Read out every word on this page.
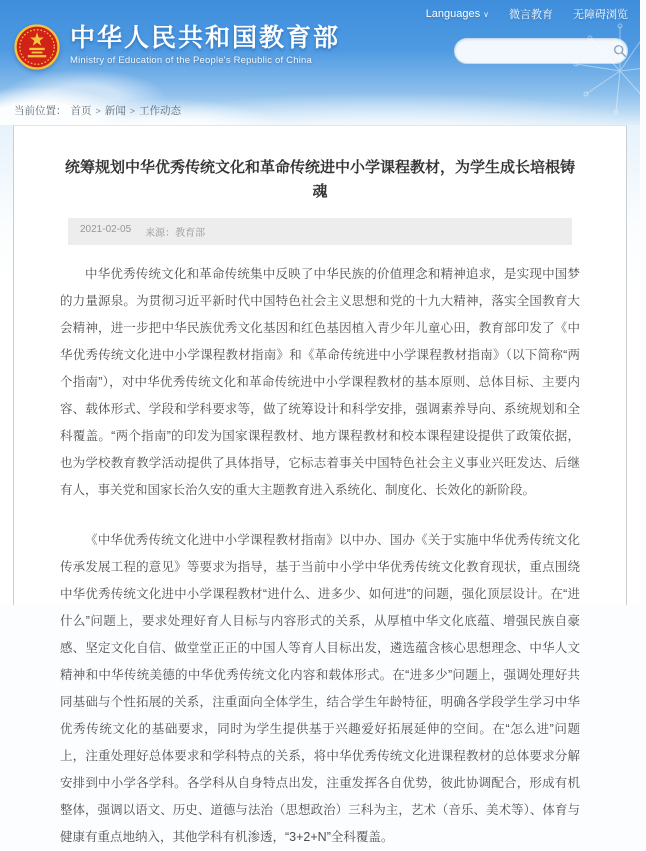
Languages ∨ 微言教育 无障碍浏览
中华人民共和国教育部
Ministry of Education of the People's Republic of China
当前位置： 首页 > 新闻 > 工作动态
统筹规划中华优秀传统文化和革命传统进中小学课程教材，为学生成长培根铸魂
2021-02-05 来源：教育部

中华优秀传统文化和革命传统集中反映了中华民族的价值理念和精神追求，是实现中国梦的力量源泉。为贯彻习近平新时代中国特色社会主义思想和党的十九大精神，落实全国教育大会精神，进一步把中华民族优秀文化基因和红色基因植入青少年儿童心田，教育部印发了《中华优秀传统文化进中小学课程教材指南》和《革命传统进中小学课程教材指南》（以下简称“两个指南”），对中华优秀传统文化和革命传统进中小学课程教材的基本原则、总体目标、主要内容、载体形式、学段和学科要求等，做了统筹设计和科学安排，强调素养导向、系统规划和全科覆盖。“两个指南”的印发为国家课程教材、地方课程教材和校本课程建设提供了政策依据，也为学校教育教学活动提供了具体指导，它标志着事关中国特色社会主义事业兴旺发达、后继有人，事关党和国家长治久安的重大主题教育进入系统化、制度化、长效化的新阶段。

《中华优秀传统文化进中小学课程教材指南》以中办、国办《关于实施中华优秀传统文化传承发展工程的意见》等要求为指导，基于当前中小学中华优秀传统文化教育现状，重点围绕中华优秀传统文化进中小学课程教材“进什么、进多少、如何进”的问题，强化顶层设计。在“进什么”问题上，要求处理好育人目标与内容形式的关系，从厚植中华文化底蕴、增强民族自豪感、坚定文化自信、做堂堂正正的中国人等育人目标出发，遴选蕴含核心思想理念、中华人文精神和中华传统美德的中华优秀传统文化内容和载体形式。在“进多少”问题上，强调处理好共同基础与个性拓展的关系，注重面向全体学生，结合学生年龄特征，明确各学段学生学习中华优秀传统文化的基础要求，同时为学生提供基于兴趣爱好拓展延伸的空间。在“怎么进”问题上，注重处理好总体要求和学科特点的关系，将中华优秀传统文化进课程教材的总体要求分解安排到中小学各学科。各学科从自身特点出发，注重发挥各自优势，彼此协调配合，形成有机整体，强调以语文、历史、道德与法治（思想政治）三科为主，艺术（音乐、美术等）、体育与健康有重点地纳入，其他学科有机渗透，“3+2+N”全科覆盖。
